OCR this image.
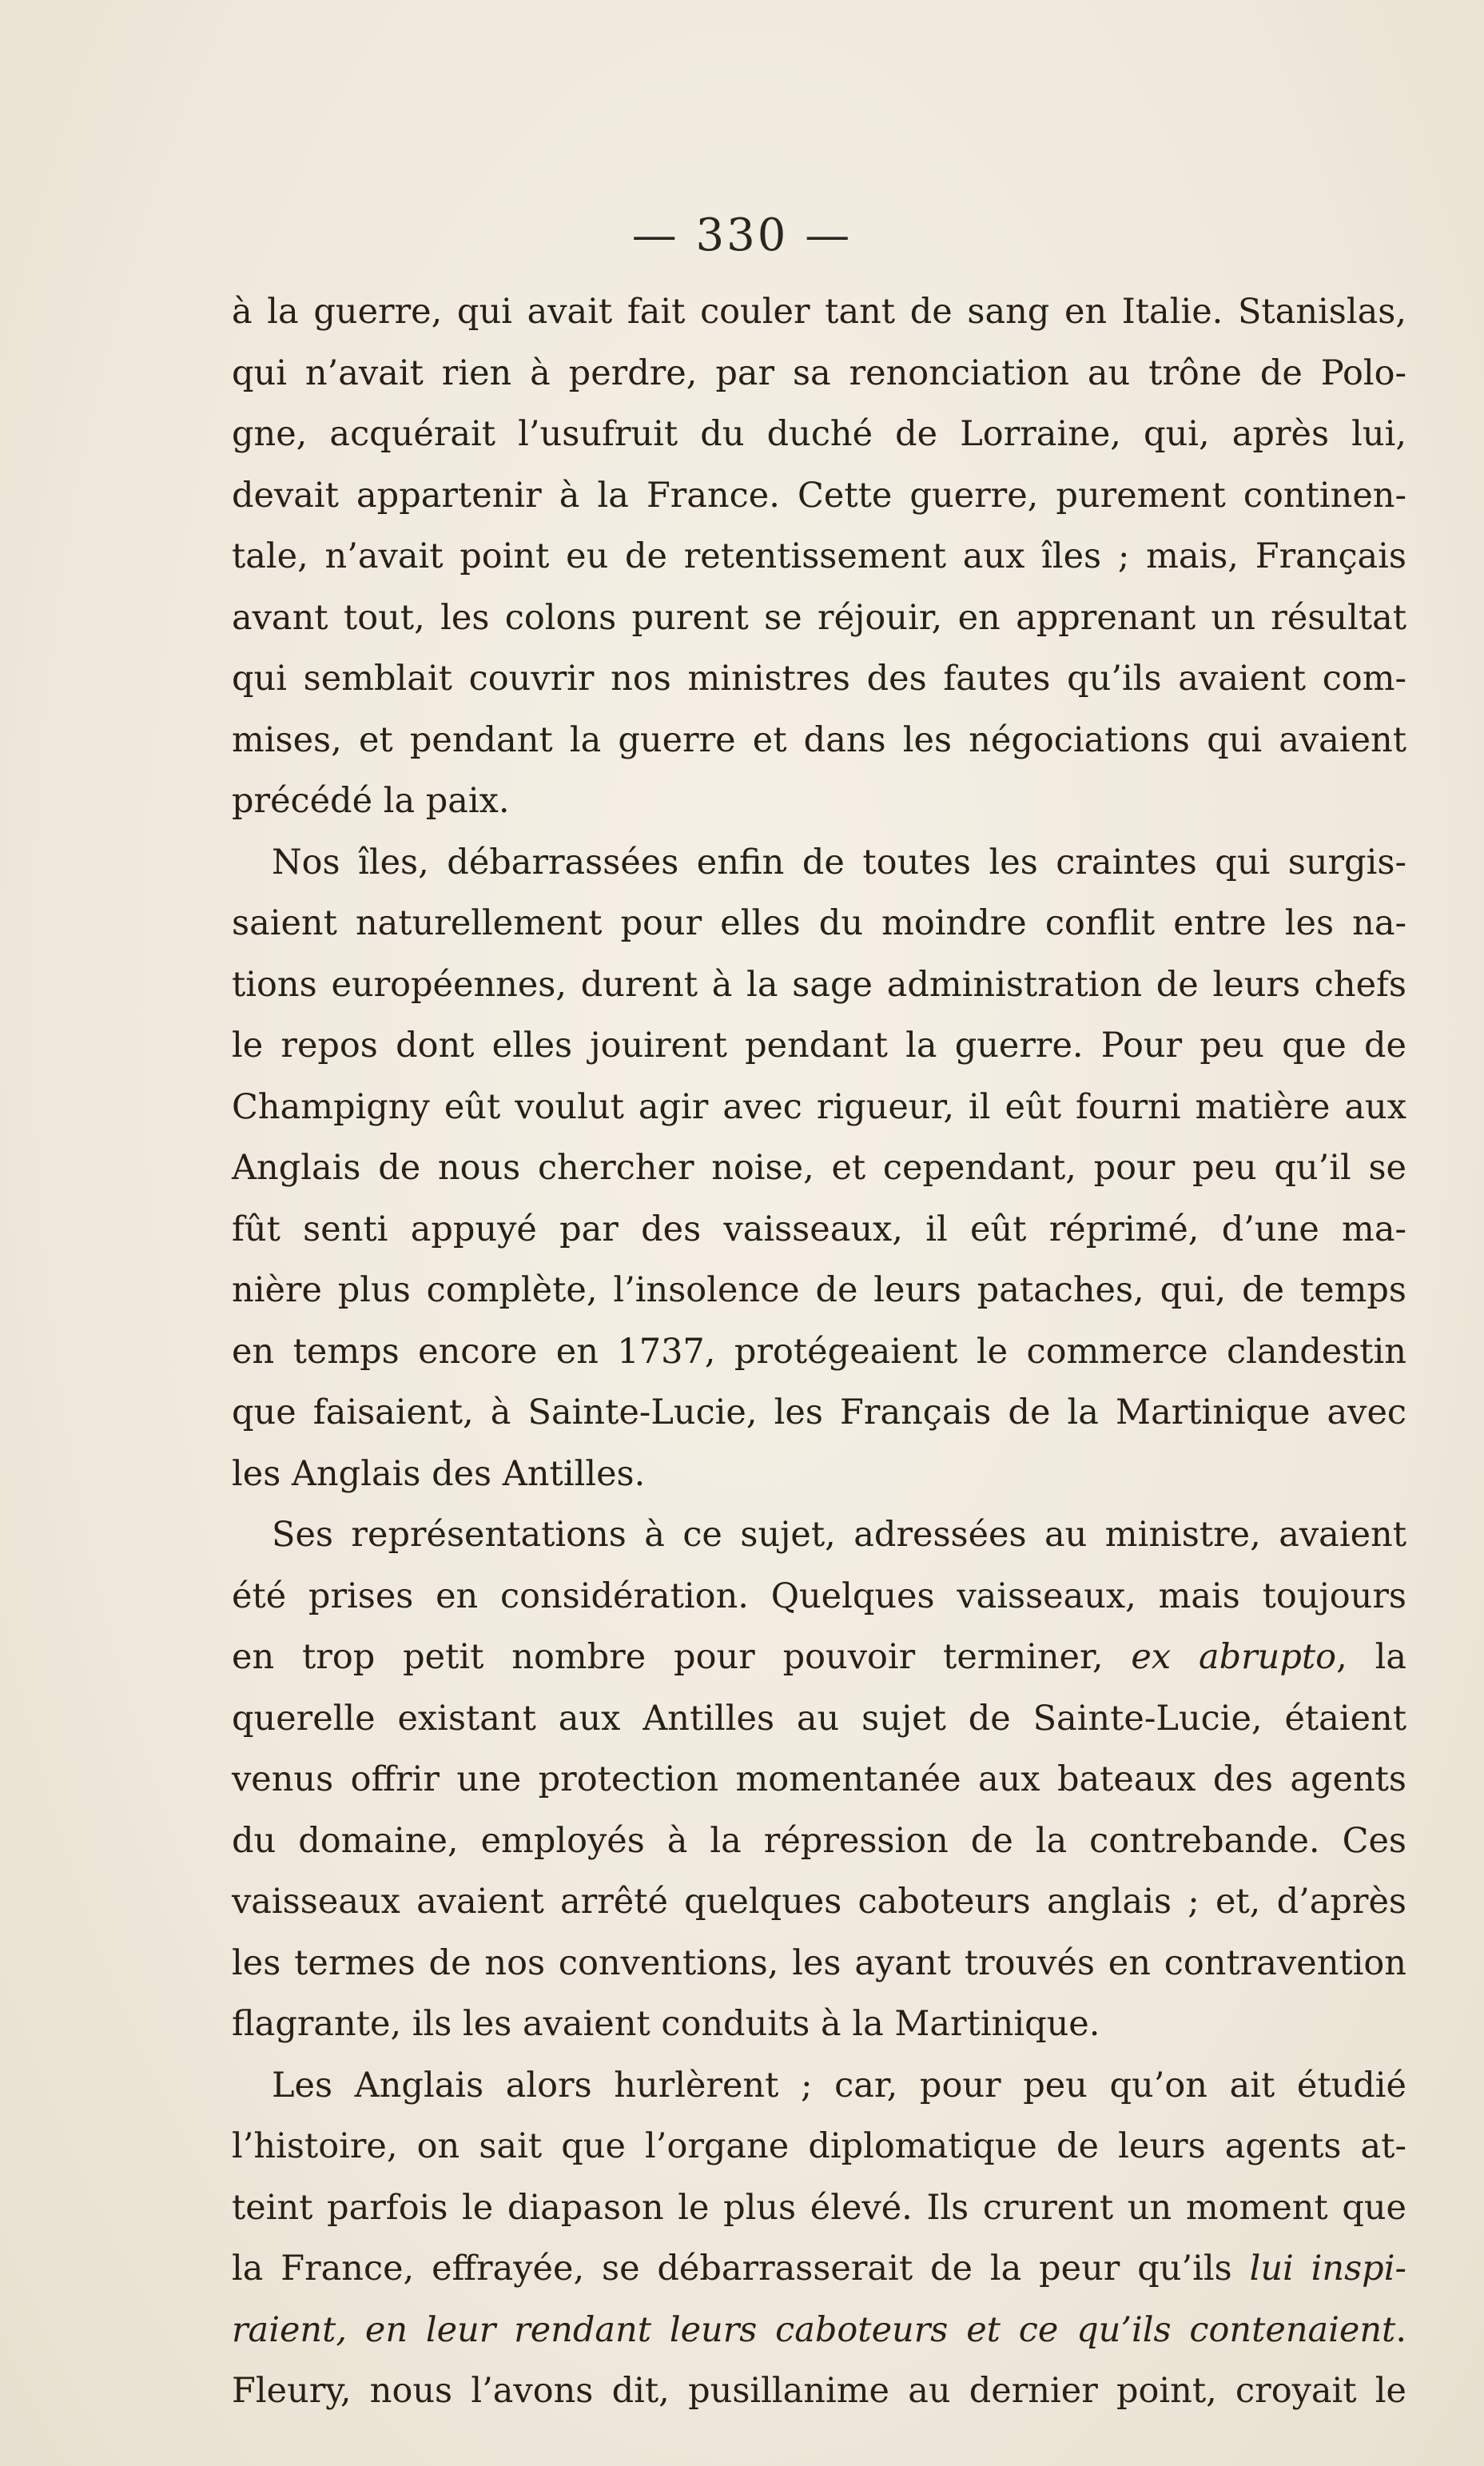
— 330 —

à la guerre, qui avait fait couler tant de sang en Italie. Stanislas,
qui n’avait rien à perdre, par sa renonciation au trône de Polo-
gne, acquérait l’usufruit du duché de Lorraine, qui, après lui,
devait appartenir à la France. Cette guerre, purement continen-
tale, n’avait point eu de retentissement aux îles ; mais, Français
avant tout, les colons purent se réjouir, en apprenant un résultat
qui semblait couvrir nos ministres des fautes qu’ils avaient com-
mises, et pendant la guerre et dans les négociations qui avaient
précédé la paix.

Nos îles, débarrassées enfin de toutes les craintes qui surgis-
saient naturellement pour elles du moindre conflit entre les na-
tions européennes, durent à la sage administration de leurs chefs
le repos dont elles jouirent pendant la guerre. Pour peu que de
Champigny eût voulut agir avec rigueur, il eût fourni matière aux
Anglais de nous chercher noise, et cependant, pour peu qu’il se
fût senti appuyé par des vaisseaux, il eût réprimé, d’une ma-
nière plus complète, l’insolence de leurs pataches, qui, de temps
en temps encore en 1737, protégeaient le commerce clandestin
que faisaient, à Sainte-Lucie, les Français de la Martinique avec
les Anglais des Antilles.

Ses représentations à ce sujet, adressées au ministre, avaient
été prises en considération. Quelques vaisseaux, mais toujours
en trop petit nombre pour pouvoir terminer, ex abrupto, la
querelle existant aux Antilles au sujet de Sainte-Lucie, étaient
venus offrir une protection momentanée aux bateaux des agents
du domaine, employés à la répression de la contrebande. Ces
vaisseaux avaient arrêté quelques caboteurs anglais ; et, d’après
les termes de nos conventions, les ayant trouvés en contravention
flagrante, ils les avaient conduits à la Martinique.

Les Anglais alors hurlèrent ; car, pour peu qu’on ait étudié
l’histoire, on sait que l’organe diplomatique de leurs agents at-
teint parfois le diapason le plus élevé. Ils crurent un moment que
la France, effrayée, se débarrasserait de la peur qu’ils lui inspi-
raient, en leur rendant leurs caboteurs et ce qu’ils contenaient.
Fleury, nous l’avons dit, pusillanime au dernier point, croyait le
